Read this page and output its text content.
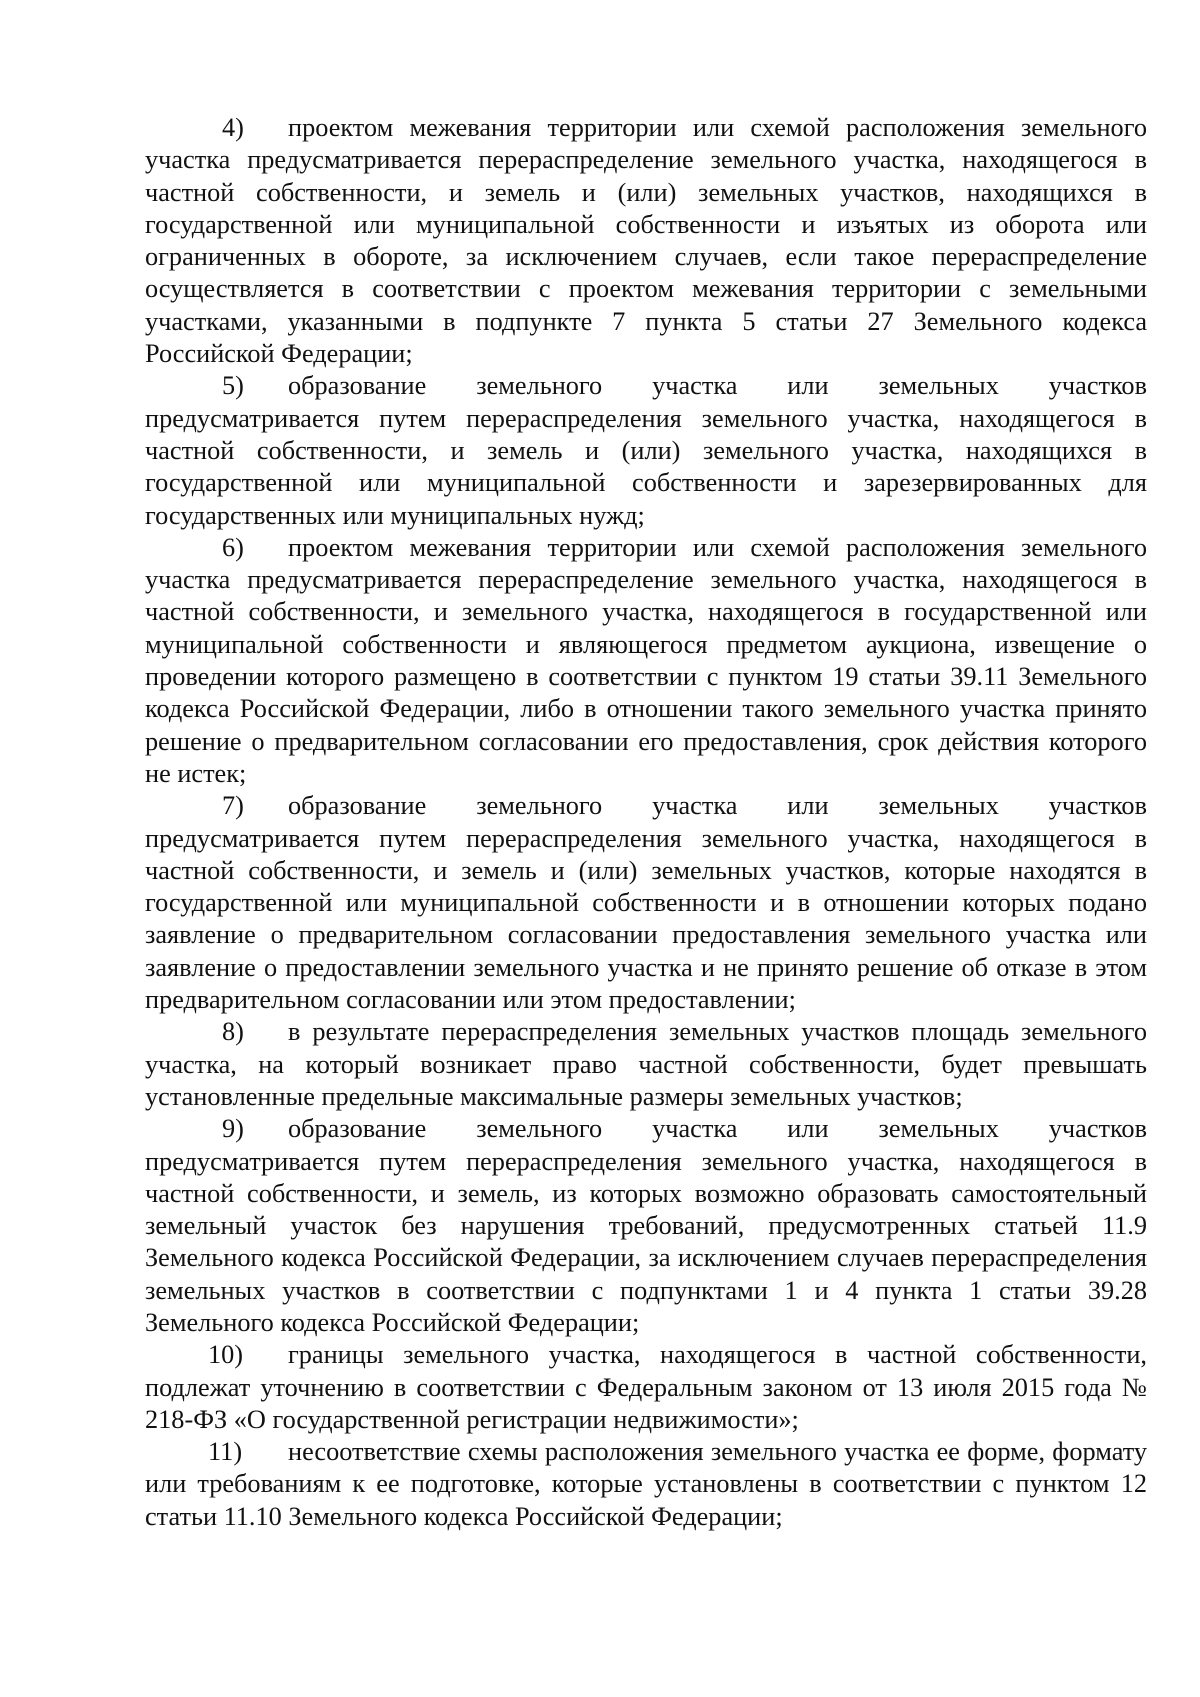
4) проектом межевания территории или схемой расположения земельного участка предусматривается перераспределение земельного участка, находящегося в частной собственности, и земель и (или) земельных участков, находящихся в государственной или муниципальной собственности и изъятых из оборота или ограниченных в обороте, за исключением случаев, если такое перераспределение осуществляется в соответствии с проектом межевания территории с земельными участками, указанными в подпункте 7 пункта 5 статьи 27 Земельного кодекса Российской Федерации;

5) образование земельного участка или земельных участков предусматривается путем перераспределения земельного участка, находящегося в частной собственности, и земель и (или) земельного участка, находящихся в государственной или муниципальной собственности и зарезервированных для государственных или муниципальных нужд;

6) проектом межевания территории или схемой расположения земельного участка предусматривается перераспределение земельного участка, находящегося в частной собственности, и земельного участка, находящегося в государственной или муниципальной собственности и являющегося предметом аукциона, извещение о проведении которого размещено в соответствии с пунктом 19 статьи 39.11 Земельного кодекса Российской Федерации, либо в отношении такого земельного участка принято решение о предварительном согласовании его предоставления, срок действия которого не истек;

7) образование земельного участка или земельных участков предусматривается путем перераспределения земельного участка, находящегося в частной собственности, и земель и (или) земельных участков, которые находятся в государственной или муниципальной собственности и в отношении которых подано заявление о предварительном согласовании предоставления земельного участка или заявление о предоставлении земельного участка и не принято решение об отказе в этом предварительном согласовании или этом предоставлении;

8) в результате перераспределения земельных участков площадь земельного участка, на который возникает право частной собственности, будет превышать установленные предельные максимальные размеры земельных участков;

9) образование земельного участка или земельных участков предусматривается путем перераспределения земельного участка, находящегося в частной собственности, и земель, из которых возможно образовать самостоятельный земельный участок без нарушения требований, предусмотренных статьей 11.9 Земельного кодекса Российской Федерации, за исключением случаев перераспределения земельных участков в соответствии с подпунктами 1 и 4 пункта 1 статьи 39.28 Земельного кодекса Российской Федерации;

10) границы земельного участка, находящегося в частной собственности, подлежат уточнению в соответствии с Федеральным законом от 13 июля 2015 года № 218-ФЗ «О государственной регистрации недвижимости»;

11) несоответствие схемы расположения земельного участка ее форме, формату или требованиям к ее подготовке, которые установлены в соответствии с пунктом 12 статьи 11.10 Земельного кодекса Российской Федерации;
